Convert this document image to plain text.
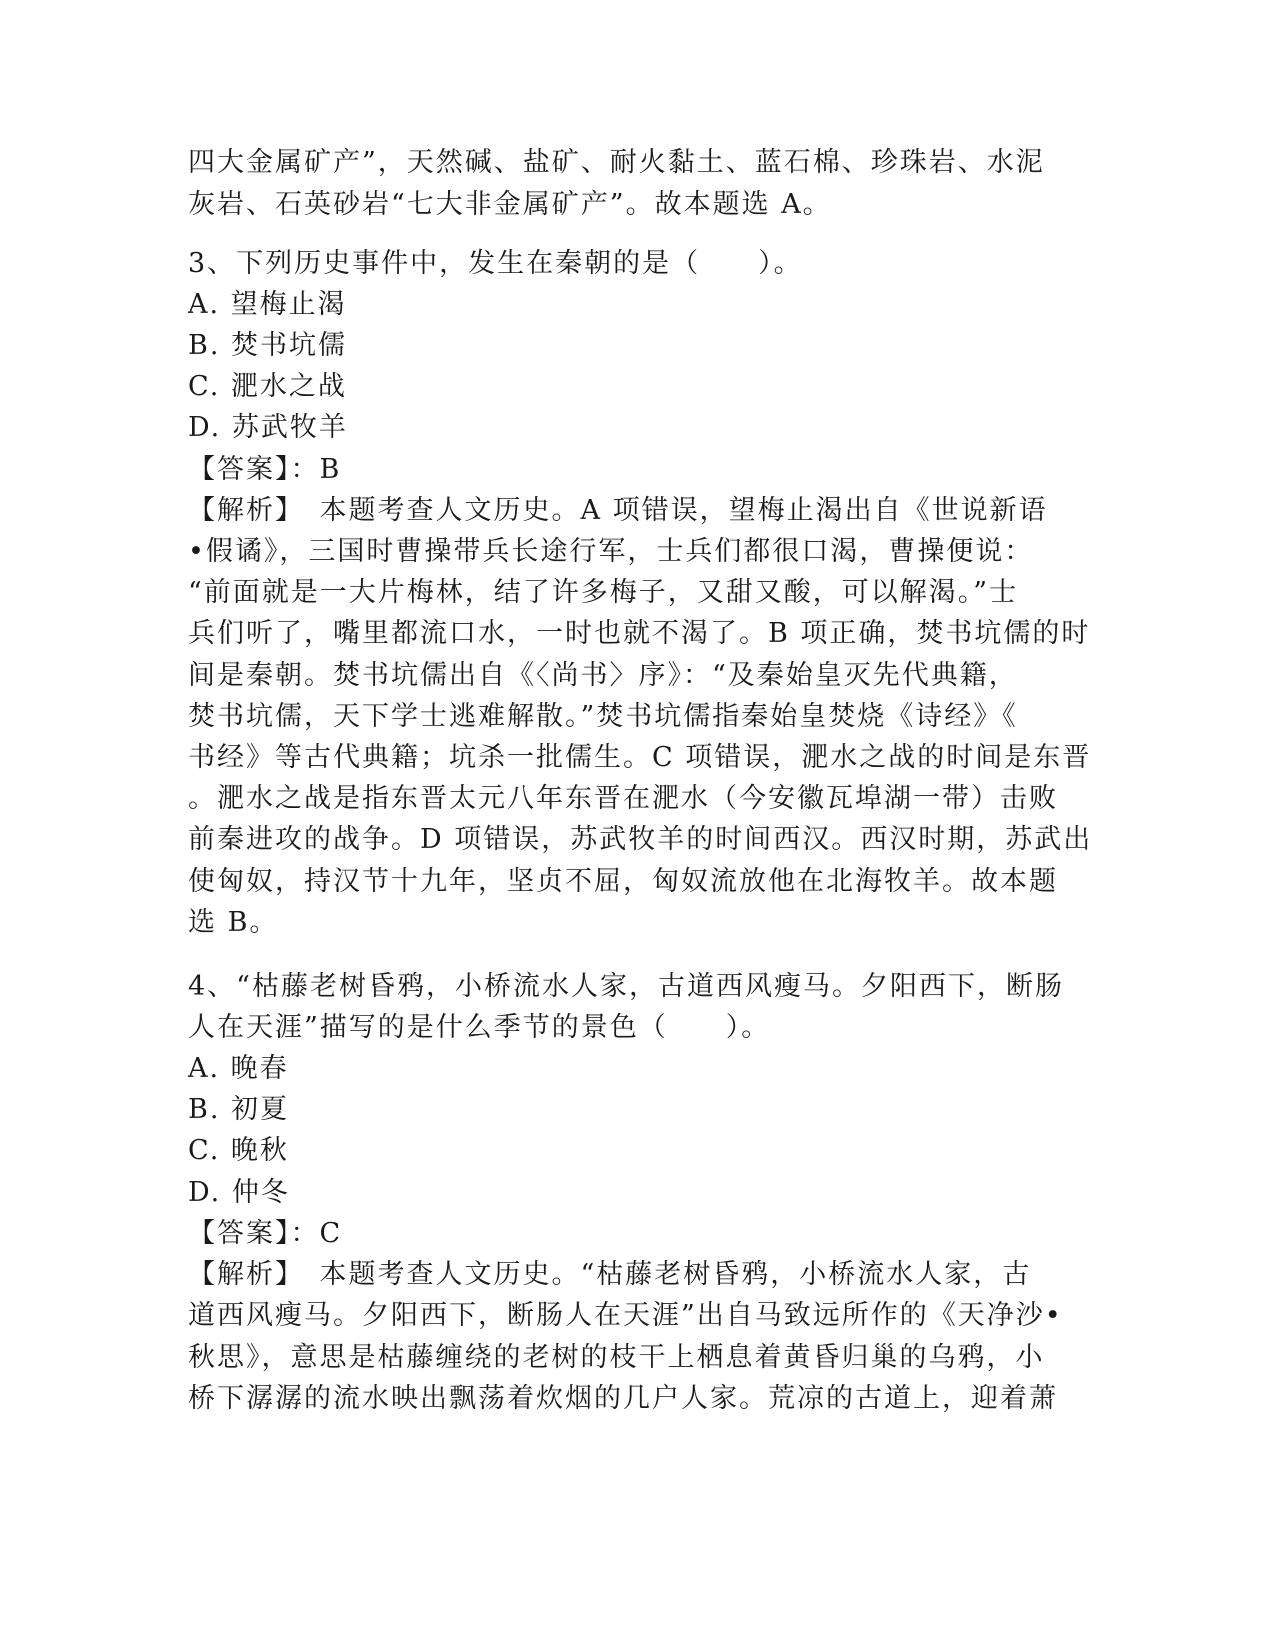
四大金属矿产”，天然碱、盐矿、耐火黏土、蓝石棉、珍珠岩、水泥
灰岩、石英砂岩“七大非金属矿产”。故本题选 A。
3、下列历史事件中，发生在秦朝的是（　　）。
A. 望梅止渴
B. 焚书坑儒
C. 淝水之战
D. 苏武牧羊
【答案】：B
【解析】　本题考查人文历史。A 项错误，望梅止渴出自《世说新语
•假谲》，三国时曹操带兵长途行军，士兵们都很口渴，曹操便说：
“前面就是一大片梅林，结了许多梅子，又甜又酸，可以解渴。”士
兵们听了，嘴里都流口水，一时也就不渴了。B 项正确，焚书坑儒的时
间是秦朝。焚书坑儒出自《〈尚书〉序》：“及秦始皇灭先代典籍，
焚书坑儒，天下学士逃难解散。”焚书坑儒指秦始皇焚烧《诗经》《
书经》等古代典籍；坑杀一批儒生。C 项错误，淝水之战的时间是东晋
。淝水之战是指东晋太元八年东晋在淝水（今安徽瓦埠湖一带）击败
前秦进攻的战争。D 项错误，苏武牧羊的时间西汉。西汉时期，苏武出
使匈奴，持汉节十九年，坚贞不屈，匈奴流放他在北海牧羊。故本题
选 B。
4、“枯藤老树昏鸦，小桥流水人家，古道西风瘦马。夕阳西下，断肠
人在天涯”描写的是什么季节的景色（　　）。
A. 晚春
B. 初夏
C. 晚秋
D. 仲冬
【答案】：C
【解析】　本题考查人文历史。“枯藤老树昏鸦，小桥流水人家，古
道西风瘦马。夕阳西下，断肠人在天涯”出自马致远所作的《天净沙•
秋思》，意思是枯藤缠绕的老树的枝干上栖息着黄昏归巢的乌鸦，小
桥下潺潺的流水映出飘荡着炊烟的几户人家。荒凉的古道上，迎着萧
